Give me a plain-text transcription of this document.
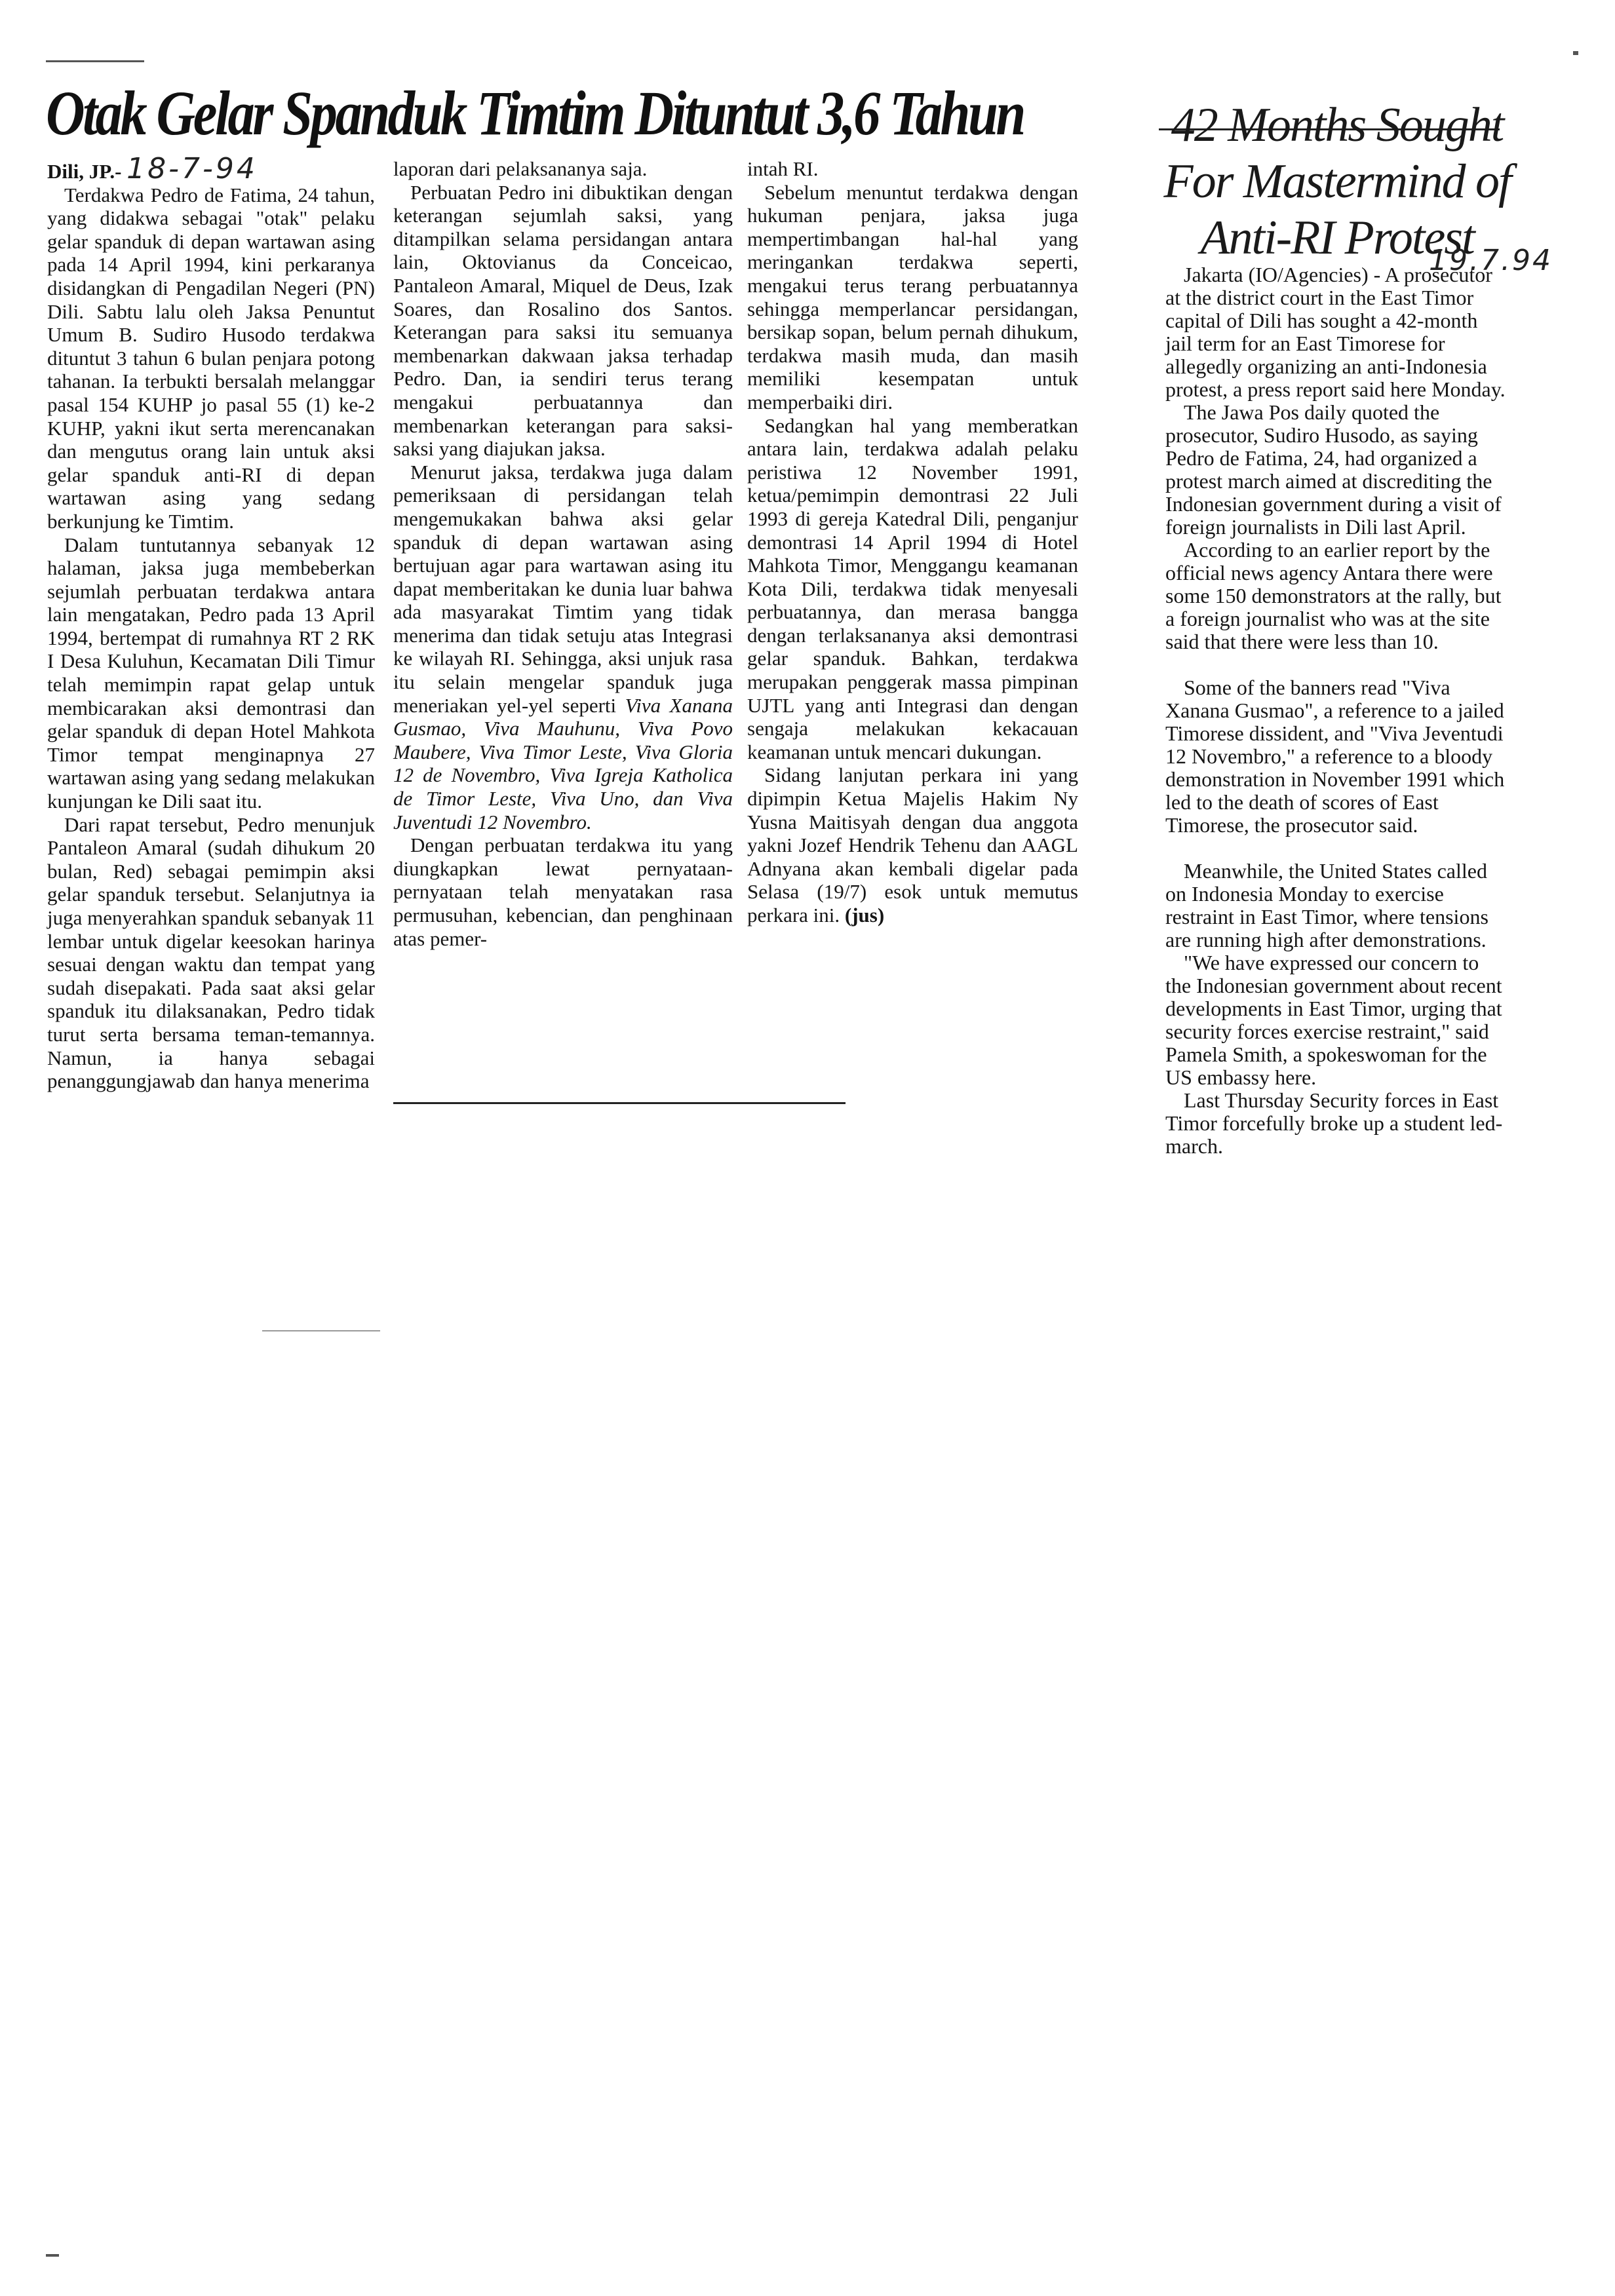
Otak Gelar Spanduk Timtim Dituntut 3,6 Tahun

Dili, JP.- 18-7-94

Terdakwa Pedro de Fatima, 24 tahun, yang didakwa sebagai "otak" pelaku gelar spanduk di depan wartawan asing pada 14 April 1994, kini perkaranya disidangkan di Pengadilan Negeri (PN) Dili. Sabtu lalu oleh Jaksa Penuntut Umum B. Sudiro Husodo terdakwa dituntut 3 tahun 6 bulan penjara potong tahanan. Ia terbukti bersalah melanggar pasal 154 KUHP jo pasal 55 (1) ke-2 KUHP, yakni ikut serta merencanakan dan mengutus orang lain untuk aksi gelar spanduk anti-RI di depan wartawan asing yang sedang berkunjung ke Timtim.

Dalam tuntutannya sebanyak 12 halaman, jaksa juga membeberkan sejumlah perbuatan terdakwa antara lain mengatakan, Pedro pada 13 April 1994, bertempat di rumahnya RT 2 RK I Desa Kuluhun, Kecamatan Dili Timur telah memimpin rapat gelap untuk membicarakan aksi demontrasi dan gelar spanduk di depan Hotel Mahkota Timor tempat menginapnya 27 wartawan asing yang sedang melakukan kunjungan ke Dili saat itu.

Dari rapat tersebut, Pedro menunjuk Pantaleon Amaral (sudah dihukum 20 bulan, Red) sebagai pemimpin aksi gelar spanduk tersebut. Selanjutnya ia juga menyerahkan spanduk sebanyak 11 lembar untuk digelar keesokan harinya sesuai dengan waktu dan tempat yang sudah disepakati. Pada saat aksi gelar spanduk itu dilaksanakan, Pedro tidak turut serta bersama teman-temannya. Namun, ia hanya sebagai penanggungjawab dan hanya menerima

laporan dari pelaksananya saja.

Perbuatan Pedro ini dibuktikan dengan keterangan sejumlah saksi, yang ditampilkan selama persidangan antara lain, Oktovianus da Conceicao, Pantaleon Amaral, Miquel de Deus, Izak Soares, dan Rosalino dos Santos. Keterangan para saksi itu semuanya membenarkan dakwaan jaksa terhadap Pedro. Dan, ia sendiri terus terang mengakui perbuatannya dan membenarkan keterangan para saksi-saksi yang diajukan jaksa.

Menurut jaksa, terdakwa juga dalam pemeriksaan di persidangan telah mengemukakan bahwa aksi gelar spanduk di depan wartawan asing bertujuan agar para wartawan asing itu dapat memberitakan ke dunia luar bahwa ada masyarakat Timtim yang tidak menerima dan tidak setuju atas Integrasi ke wilayah RI. Sehingga, aksi unjuk rasa itu selain mengelar spanduk juga meneriakan yel-yel seperti Viva Xanana Gusmao, Viva Mauhunu, Viva Povo Maubere, Viva Timor Leste, Viva Gloria 12 de Novembro, Viva Igreja Katholica de Timor Leste, Viva Uno, dan Viva Juventudi 12 Novembro.

Dengan perbuatan terdakwa itu yang diungkapkan lewat pernyataan-pernyataan telah menyatakan rasa permusuhan, kebencian, dan penghinaan atas pemer-

intah RI.

Sebelum menuntut terdakwa dengan hukuman penjara, jaksa juga mempertimbangan hal-hal yang meringankan terdakwa seperti, mengakui terus terang perbuatannya sehingga memperlancar persidangan, bersikap sopan, belum pernah dihukum, terdakwa masih muda, dan masih memiliki kesempatan untuk memperbaiki diri.

Sedangkan hal yang memberatkan antara lain, terdakwa adalah pelaku peristiwa 12 November 1991, ketua/pemimpin demontrasi 22 Juli 1993 di gereja Katedral Dili, penganjur demontrasi 14 April 1994 di Hotel Mahkota Timor, Menggangu keamanan Kota Dili, terdakwa tidak menyesali perbuatannya, dan merasa bangga dengan terlaksananya aksi demontrasi gelar spanduk. Bahkan, terdakwa merupakan penggerak massa pimpinan UJTL yang anti Integrasi dan dengan sengaja melakukan kekacauan keamanan untuk mencari dukungan.

Sidang lanjutan perkara ini yang dipimpin Ketua Majelis Hakim Ny Yusna Maitisyah dengan dua anggota yakni Jozef Hendrik Tehenu dan AAGL Adnyana akan kembali digelar pada Selasa (19/7) esok untuk memutus perkara ini. (jus)

42 Months Sought
For Mastermind of
Anti-RI Protest
19.7.94

Jakarta (IO/Agencies) - A prosecutor at the district court in the East Timor capital of Dili has sought a 42-month jail term for an East Timorese for allegedly organizing an anti-Indonesia protest, a press report said here Monday.

The Jawa Pos daily quoted the prosecutor, Sudiro Husodo, as saying Pedro de Fatima, 24, had organized a protest march aimed at discrediting the Indonesian government during a visit of foreign journalists in Dili last April.

According to an earlier report by the official news agency Antara there were some 150 demonstrators at the rally, but a foreign journalist who was at the site said that there were less than 10.

Some of the banners read "Viva Xanana Gusmao", a reference to a jailed Timorese dissident, and "Viva Jeventudi 12 Novembro," a reference to a bloody demonstration in November 1991 which led to the death of scores of East Timorese, the prosecutor said.

Meanwhile, the United States called on Indonesia Monday to exercise restraint in East Timor, where tensions are running high after demonstrations.

"We have expressed our concern to the Indonesian government about recent developments in East Timor, urging that security forces exercise restraint," said Pamela Smith, a spokeswoman for the US embassy here.

Last Thursday Security forces in East Timor forcefully broke up a student led-march.
